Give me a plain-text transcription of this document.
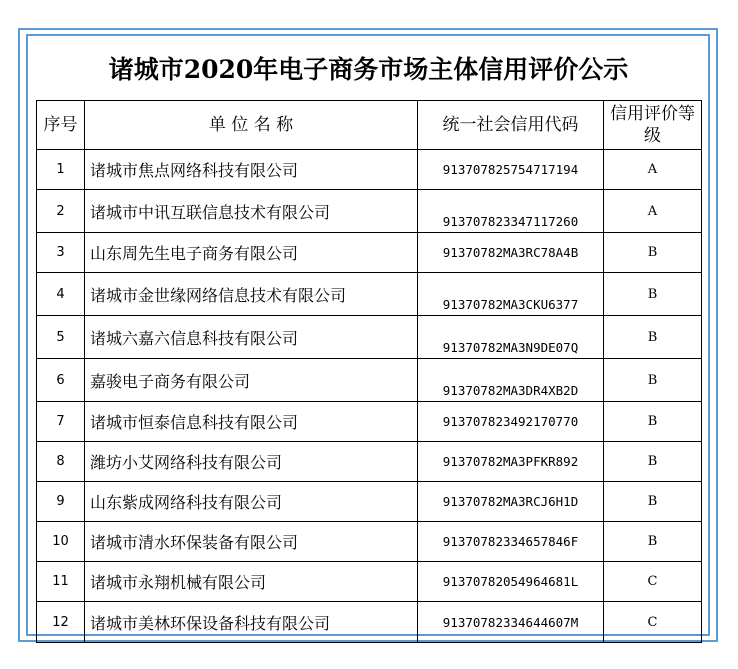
诸城市2020年电子商务市场主体信用评价公示
序号	单 位 名 称	统一社会信用代码	信用评价等级
1	诸城市焦点网络科技有限公司	913707825754717194	A
2	诸城市中讯互联信息技术有限公司	913707823347117260	A
3	山东周先生电子商务有限公司	91370782MA3RC78A4B	B
4	诸城市金世缘网络信息技术有限公司	91370782MA3CKU6377	B
5	诸城六嘉六信息科技有限公司	91370782MA3N9DE07Q	B
6	嘉骏电子商务有限公司	91370782MA3DR4XB2D	B
7	诸城市恒泰信息科技有限公司	913707823492170770	B
8	潍坊小艾网络科技有限公司	91370782MA3PFKR892	B
9	山东紫成网络科技有限公司	91370782MA3RCJ6H1D	B
10	诸城市清水环保装备有限公司	91370782334657846F	B
11	诸城市永翔机械有限公司	91370782054964681L	C
12	诸城市美林环保设备科技有限公司	91370782334644607M	C
